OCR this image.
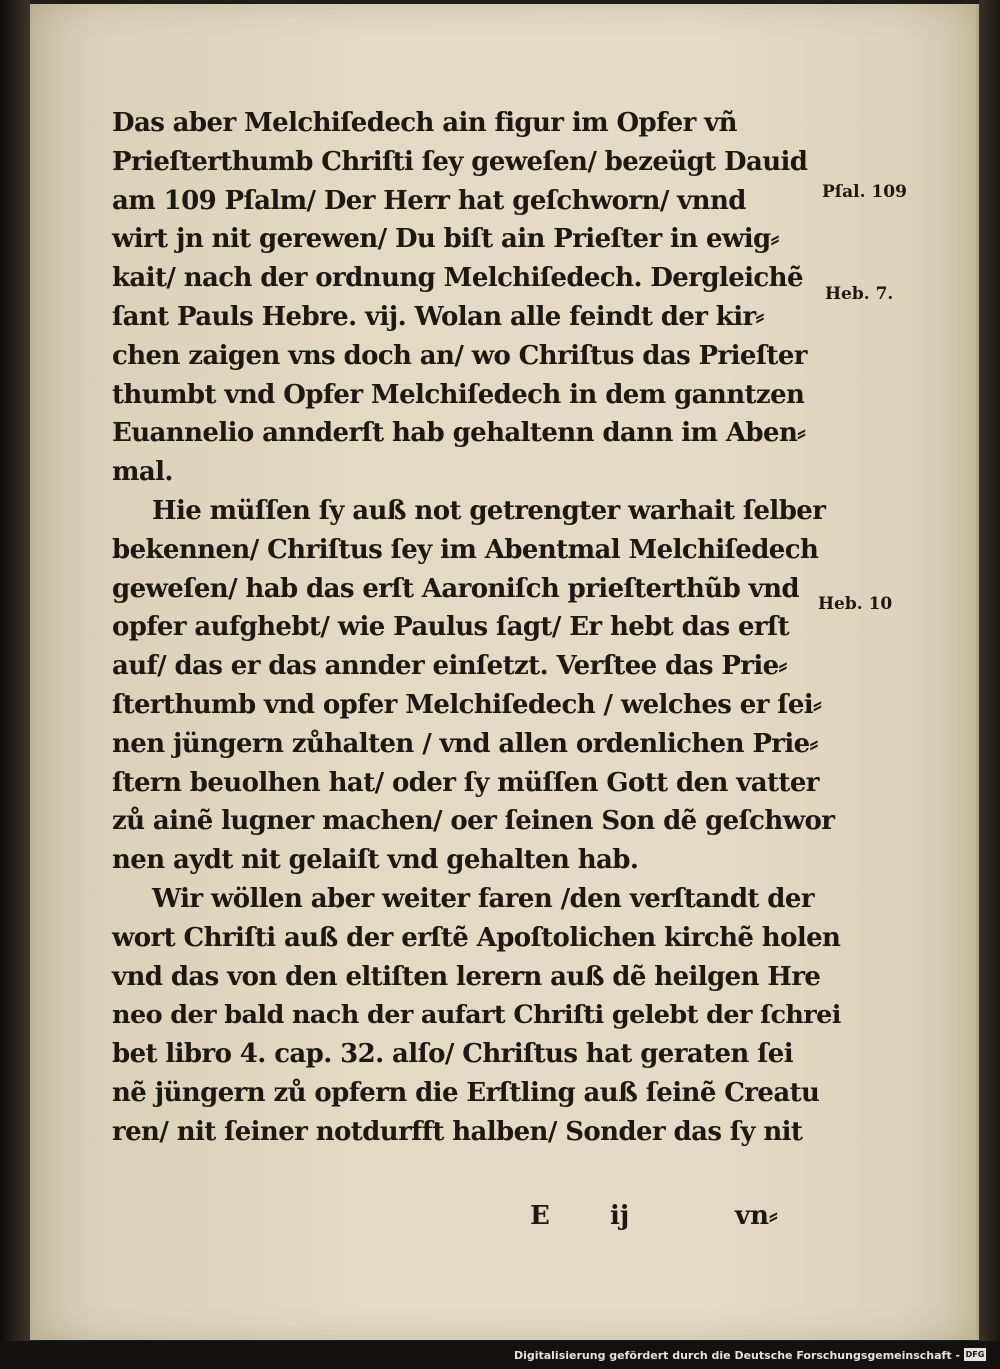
Das aber Melchiſedech ain figur im Opfer vñ
Prieſterthumb Chriſti ſey geweſen/ bezeügt Dauid
am 109 Pſalm/ Der Herr hat geſchworn/ vnnd
wirt jn nit gerewen/ Du biſt ain Prieſter in ewig⸗
kait/ nach der ordnung Melchiſedech. Dergleichẽ
ſant Pauls Hebre. vij. Wolan alle feindt der kir⸗
chen zaigen vns doch an/ wo Chriſtus das Prieſter
thumbt vnd Opfer Melchiſedech in dem ganntzen
Euannelio annderſt hab gehaltenn dann im Aben⸗
mal.
Hie müſſen ſy auß not getrengter warhait ſelber
bekennen/ Chriſtus ſey im Abentmal Melchiſedech
geweſen/ hab das erſt Aaroniſch prieſterthũb vnd
opfer aufghebt/ wie Paulus ſagt/ Er hebt das erſt
auf/ das er das annder einſetzt. Verſtee das Prie⸗
ſterthumb vnd opfer Melchiſedech / welches er ſei⸗
nen jüngern zůhalten / vnd allen ordenlichen Prie⸗
ſtern beuolhen hat/ oder ſy müſſen Gott den vatter
zů ainẽ lugner machen/ oer ſeinen Son dẽ geſchwor
nen aydt nit gelaiſt vnd gehalten hab.
Wir wöllen aber weiter faren /den verſtandt der
wort Chriſti auß der erſtẽ Apoſtolichen kirchẽ holen
vnd das von den eltiſten lerern auß dẽ heilgen Hre
neo der bald nach der aufart Chriſti gelebt der ſchrei
bet libro 4. cap. 32. alſo/ Chriſtus hat geraten ſei
nẽ jüngern zů opfern die Erſtling auß ſeinẽ Creatu
ren/ nit ſeiner notdurfft halben/ Sonder das ſy nit
Pſal. 109
Heb. 7.
Heb. 10
E ij	vn⸗
Digitalisierung gefördert durch die Deutsche Forschungsgemeinschaft - DFG
